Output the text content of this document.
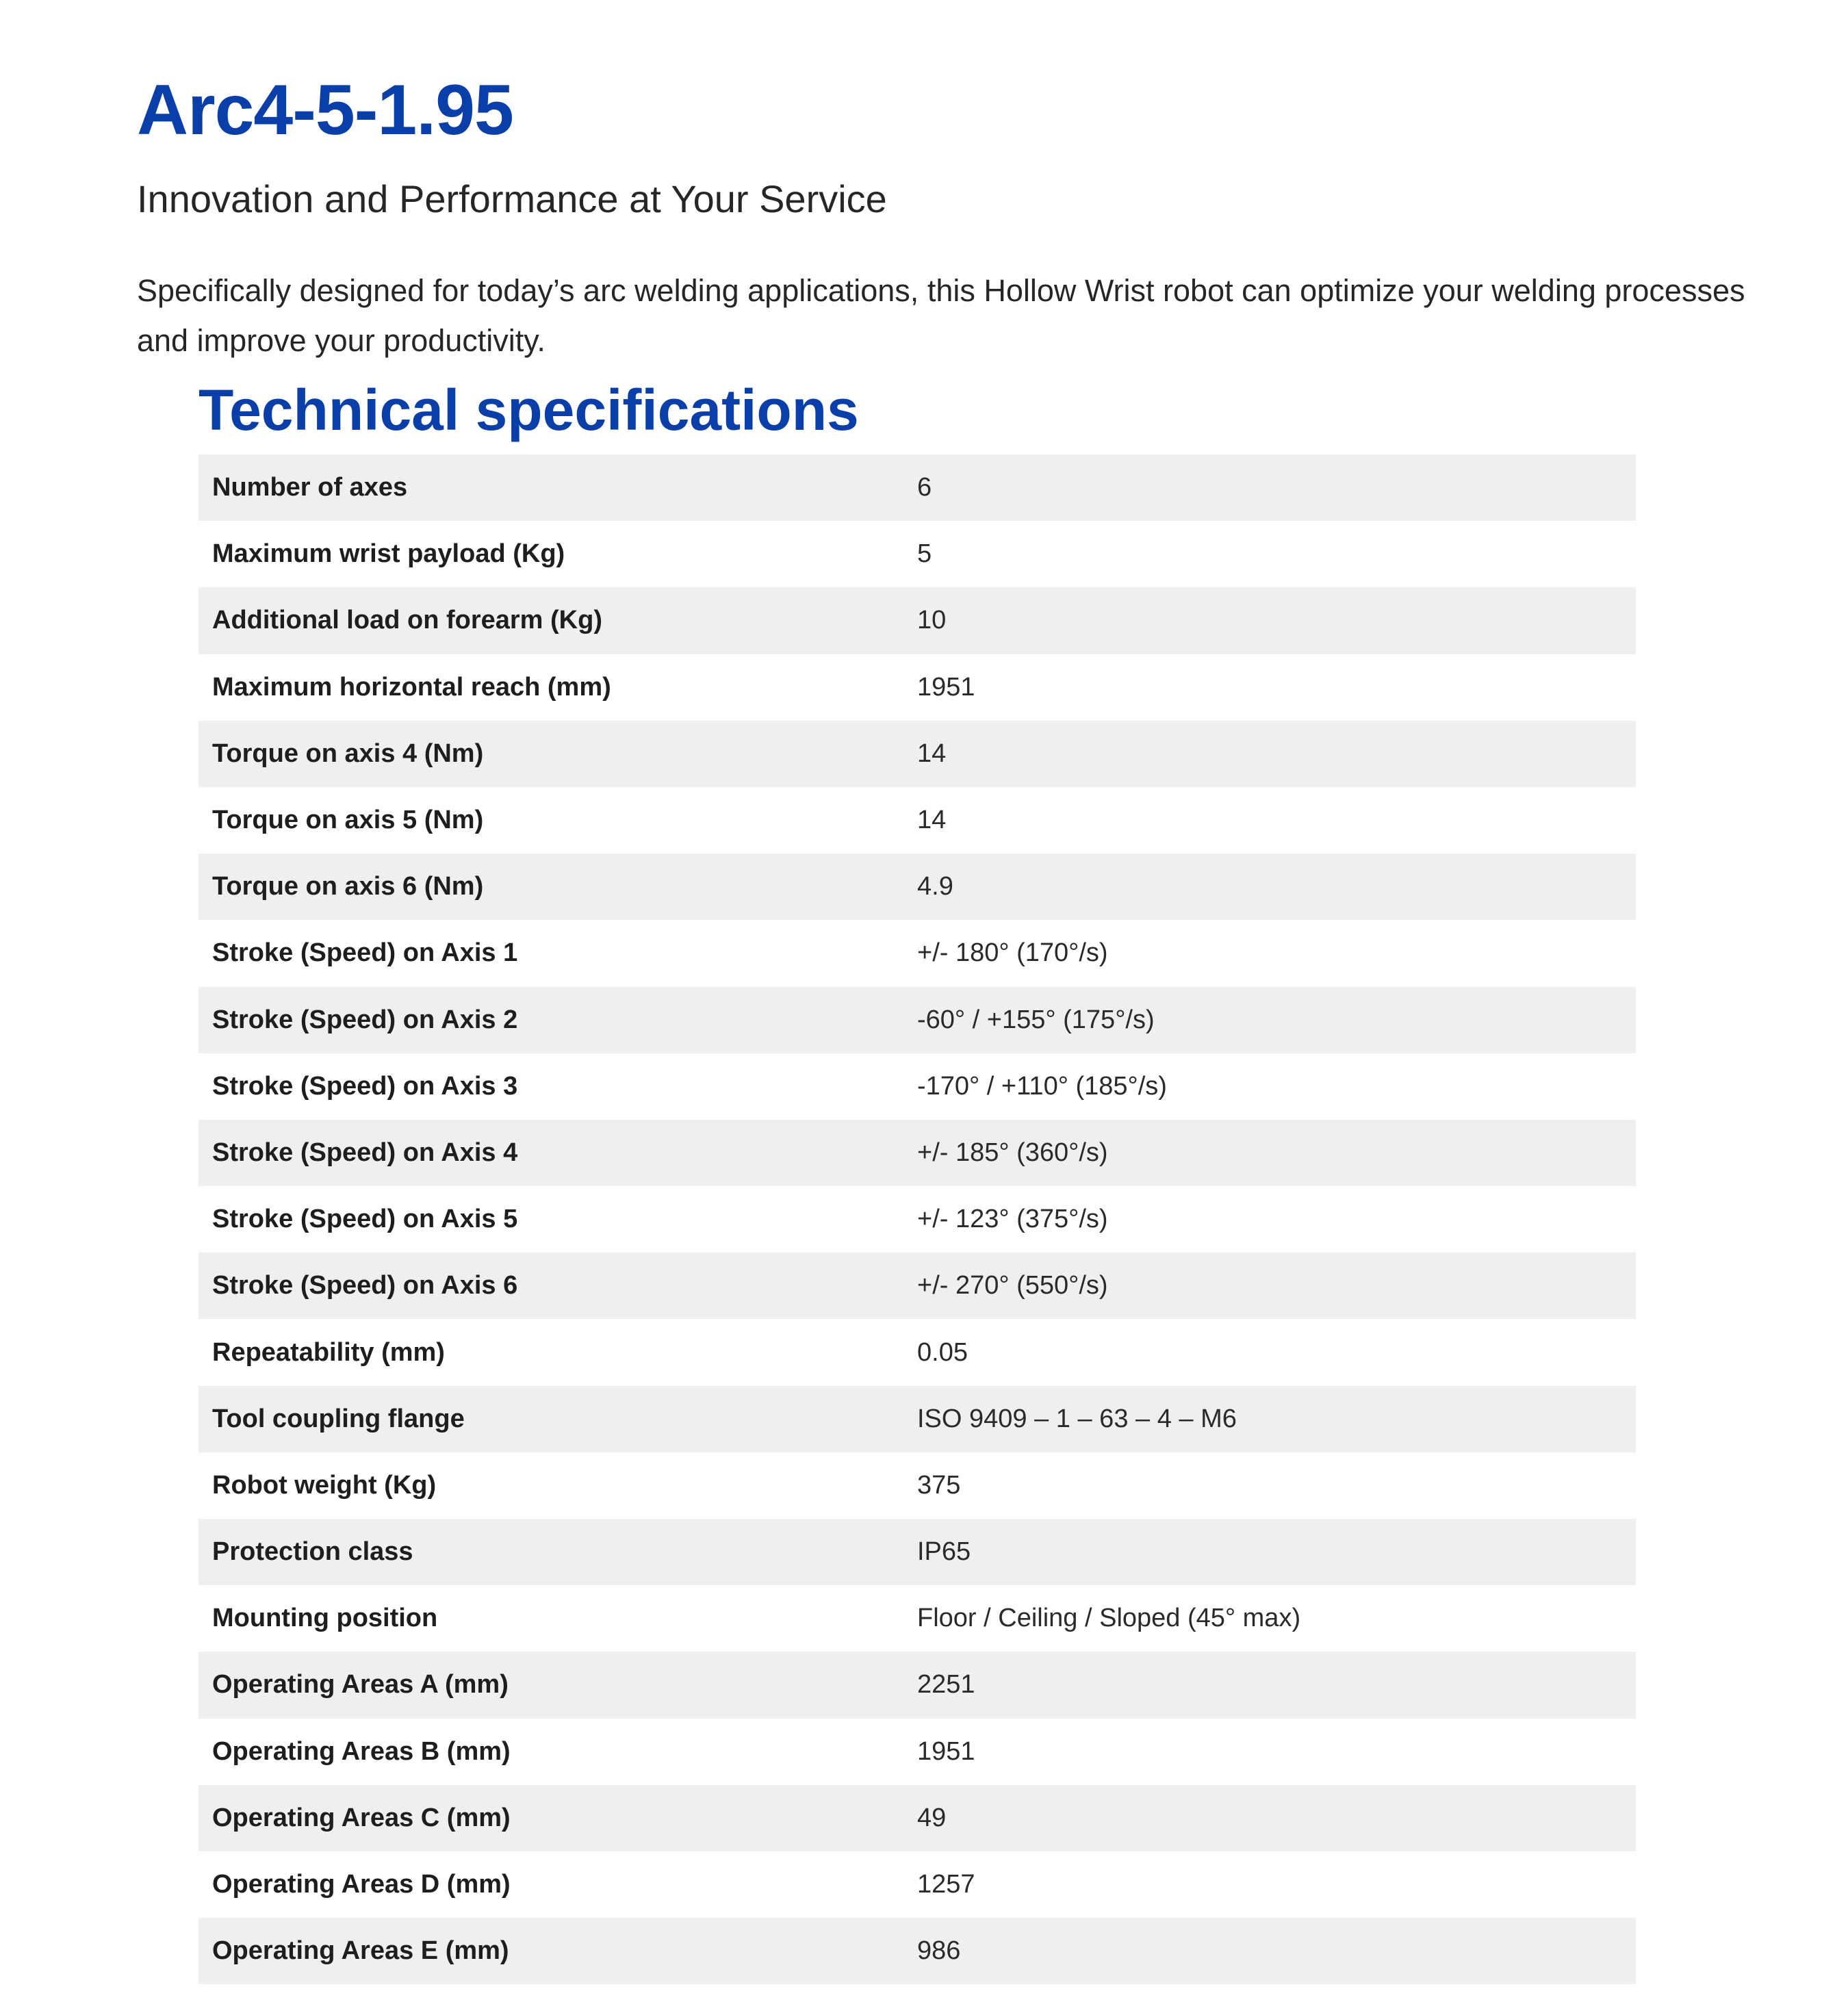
Arc4-5-1.95
Innovation and Performance at Your Service

Specifically designed for today’s arc welding applications, this Hollow Wrist robot can optimize your welding processes and improve your productivity.

Technical specifications
Number of axes	6
Maximum wrist payload (Kg)	5
Additional load on forearm (Kg)	10
Maximum horizontal reach (mm)	1951
Torque on axis 4 (Nm)	14
Torque on axis 5 (Nm)	14
Torque on axis 6 (Nm)	4.9
Stroke (Speed) on Axis 1	+/- 180° (170°/s)
Stroke (Speed) on Axis 2	-60° / +155° (175°/s)
Stroke (Speed) on Axis 3	-170° / +110° (185°/s)
Stroke (Speed) on Axis 4	+/- 185° (360°/s)
Stroke (Speed) on Axis 5	+/- 123° (375°/s)
Stroke (Speed) on Axis 6	+/- 270° (550°/s)
Repeatability (mm)	0.05
Tool coupling flange	ISO 9409 – 1 – 63 – 4 – M6
Robot weight (Kg)	375
Protection class	IP65
Mounting position	Floor / Ceiling / Sloped (45° max)
Operating Areas A (mm)	2251
Operating Areas B (mm)	1951
Operating Areas C (mm)	49
Operating Areas D (mm)	1257
Operating Areas E (mm)	986
